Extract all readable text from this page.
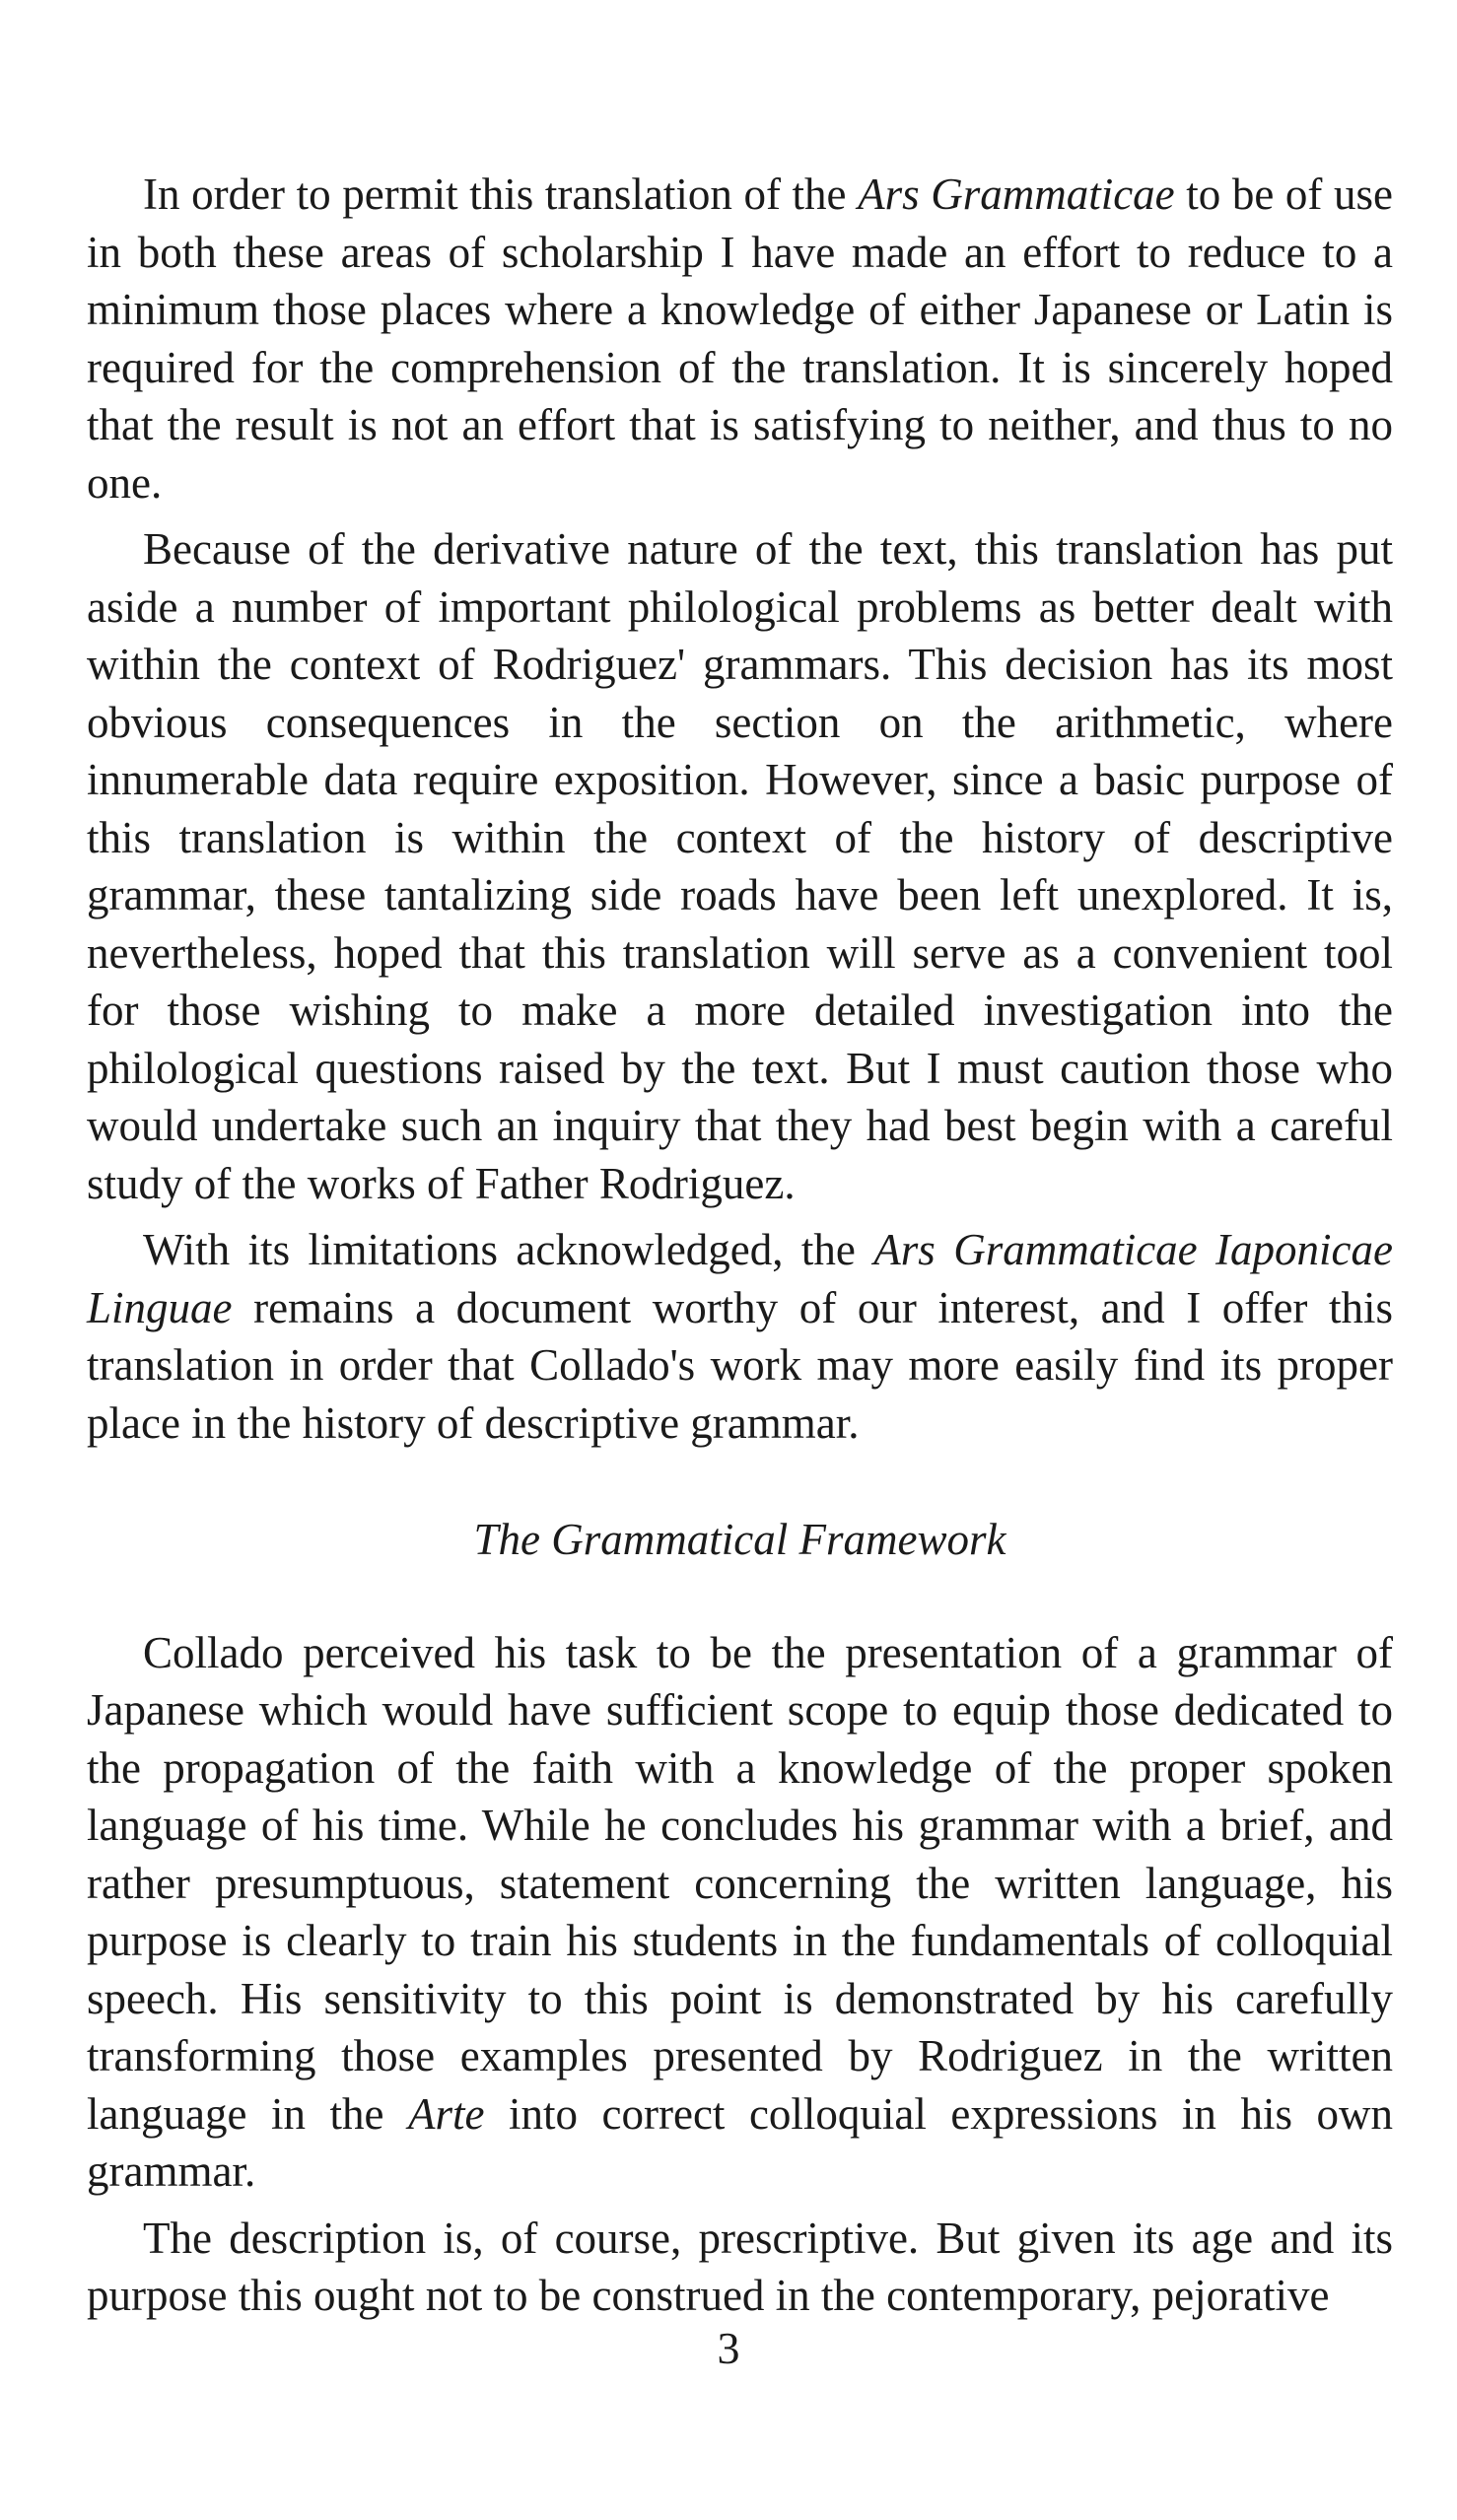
In order to permit this translation of the Ars Grammaticae to be of use in both these areas of scholarship I have made an effort to reduce to a minimum those places where a knowledge of either Japanese or Latin is required for the comprehension of the translation. It is sincerely hoped that the result is not an effort that is satisfying to neither, and thus to no one.

Because of the derivative nature of the text, this translation has put aside a number of important philological problems as better dealt with within the context of Rodriguez' grammars. This decision has its most obvious consequences in the section on the arithmetic, where innumerable data require exposition. However, since a basic purpose of this translation is within the context of the history of descriptive grammar, these tantalizing side roads have been left unexplored. It is, nevertheless, hoped that this translation will serve as a convenient tool for those wishing to make a more detailed investigation into the philological questions raised by the text. But I must caution those who would undertake such an inquiry that they had best begin with a careful study of the works of Father Rodriguez.

With its limitations acknowledged, the Ars Grammaticae Iaponicae Linguae remains a document worthy of our interest, and I offer this translation in order that Collado's work may more easily find its proper place in the history of descriptive grammar.

The Grammatical Framework

Collado perceived his task to be the presentation of a grammar of Japanese which would have sufficient scope to equip those dedicated to the propagation of the faith with a knowledge of the proper spoken language of his time. While he concludes his grammar with a brief, and rather presumptuous, statement concerning the written language, his purpose is clearly to train his students in the fundamentals of colloquial speech. His sensitivity to this point is demonstrated by his carefully transforming those examples presented by Rodriguez in the written language in the Arte into correct colloquial expressions in his own grammar.

The description is, of course, prescriptive. But given its age and its purpose this ought not to be construed in the contemporary, pejorative

3
